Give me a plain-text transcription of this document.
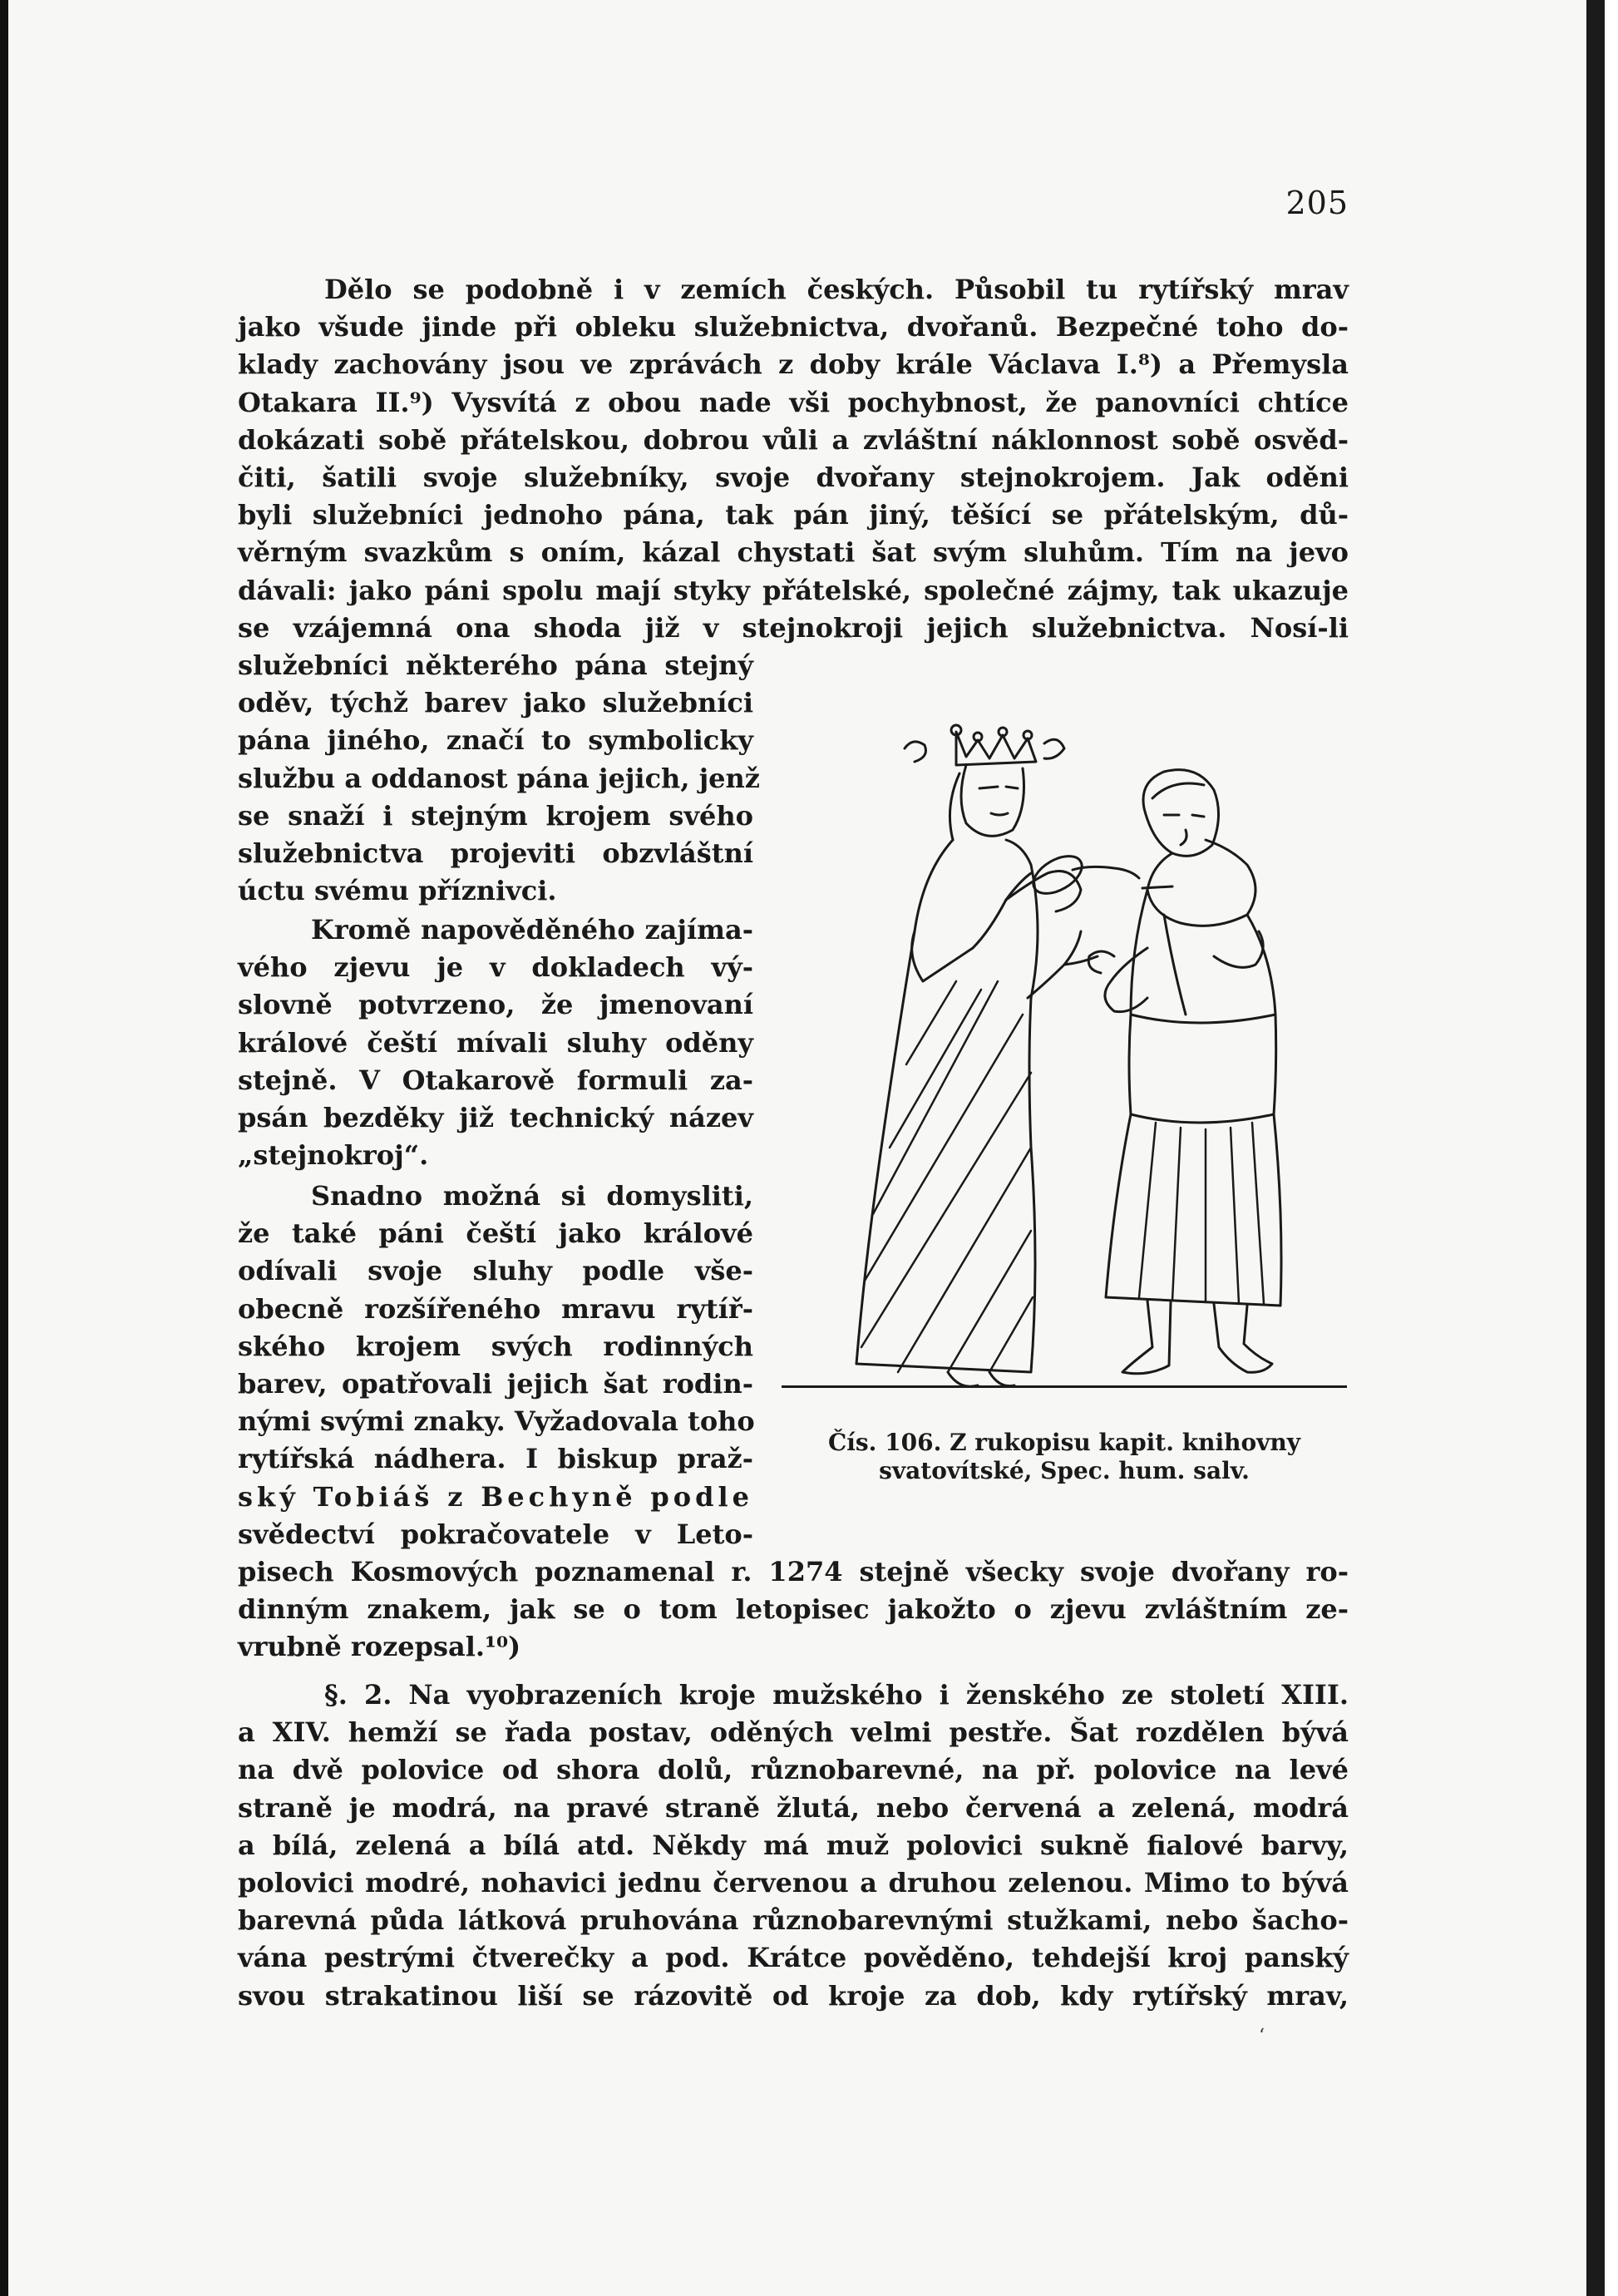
205
Dělo se podobně i v zemích českých. Působil tu rytířský mrav
jako všude jinde při obleku služebnictva, dvořanů. Bezpečné toho do-
klady zachovány jsou ve zprávách z doby krále Václava I.⁸) a Přemysla
Otakara II.⁹) Vysvítá z obou nade vši pochybnost, že panovníci chtíce
dokázati sobě přátelskou, dobrou vůli a zvláštní náklonnost sobě osvěd-
čiti, šatili svoje služebníky, svoje dvořany stejnokrojem. Jak oděni
byli služebníci jednoho pána, tak pán jiný, těšící se přátelským, dů-
věrným svazkům s oním, kázal chystati šat svým sluhům. Tím na jevo
dávali: jako páni spolu mají styky přátelské, společné zájmy, tak ukazuje
se vzájemná ona shoda již v stejnokroji jejich služebnictva. Nosí-li
služebníci některého pána stejný
oděv, týchž barev jako služebníci
pána jiného, značí to symbolicky
službu a oddanost pána jejich, jenž
se snaží i stejným krojem svého
služebnictva projeviti obzvláštní
úctu svému příznivci.
Kromě napověděného zajíma-
vého zjevu je v dokladech vý-
slovně potvrzeno, že jmenovaní
králové čeští mívali sluhy oděny
stejně. V Otakarově formuli za-
psán bezděky již technický název
„stejnokroj“.
Snadno možná si domysliti,
že také páni čeští jako králové
odívali svoje sluhy podle vše-
obecně rozšířeného mravu rytíř-
ského krojem svých rodinných
barev, opatřovali jejich šat rodin-
nými svými znaky. Vyžadovala toho
rytířská nádhera. I biskup praž-
ský Tobiáš z Bechyně podle
svědectví pokračovatele v Leto-
pisech Kosmových poznamenal r. 1274 stejně všecky svoje dvořany ro-
dinným znakem, jak se o tom letopisec jakožto o zjevu zvláštním ze-
vrubně rozepsal.¹⁰)
§. 2. Na vyobrazeních kroje mužského i ženského ze století XIII.
a XIV. hemží se řada postav, oděných velmi pestře. Šat rozdělen bývá
na dvě polovice od shora dolů, různobarevné, na př. polovice na levé
straně je modrá, na pravé straně žlutá, nebo červená a zelená, modrá
a bílá, zelená a bílá atd. Někdy má muž polovici sukně fialové barvy,
polovici modré, nohavici jednu červenou a druhou zelenou. Mimo to bývá
barevná půda látková pruhována různobarevnými stužkami, nebo šacho-
vána pestrými čtverečky a pod. Krátce pověděno, tehdejší kroj panský
svou strakatinou liší se rázovitě od kroje za dob, kdy rytířský mrav,
Čís. 106. Z rukopisu kapit. knihovny
svatovítské, Spec. hum. salv.
‘
